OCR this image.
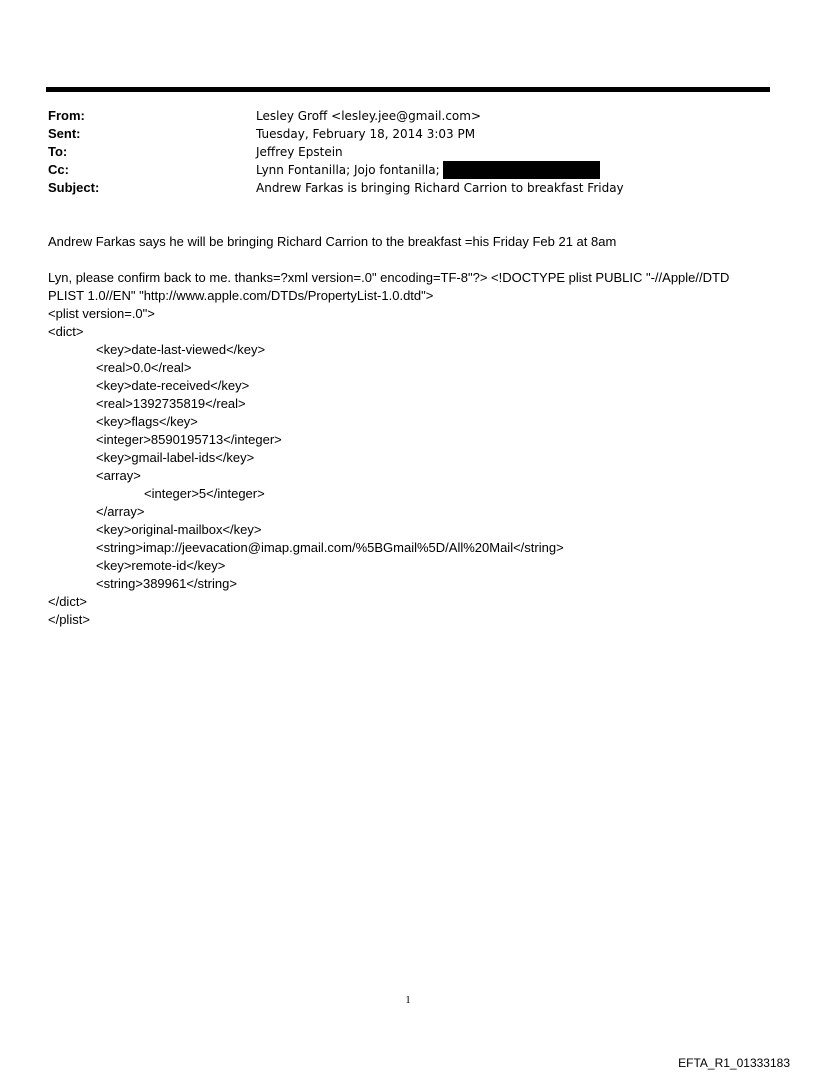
From:	Lesley Groff <lesley.jee@gmail.com>
Sent:	Tuesday, February 18, 2014 3:03 PM
To:	Jeffrey Epstein
Cc:	Lynn Fontanilla; Jojo fontanilla;
Subject:	Andrew Farkas is bringing Richard Carrion to breakfast Friday

Andrew Farkas says he will be bringing Richard Carrion to the breakfast =his Friday Feb 21 at 8am

Lyn, please confirm back to me. thanks=?xml version=.0" encoding=TF-8"?> <!DOCTYPE plist PUBLIC "-//Apple//DTD
PLIST 1.0//EN" "http://www.apple.com/DTDs/PropertyList-1.0.dtd">
<plist version=.0">
<dict>
<key>date-last-viewed</key>
<real>0.0</real>
<key>date-received</key>
<real>1392735819</real>
<key>flags</key>
<integer>8590195713</integer>
<key>gmail-label-ids</key>
<array>
<integer>5</integer>
</array>
<key>original-mailbox</key>
<string>imap://jeevacation@imap.gmail.com/%5BGmail%5D/All%20Mail</string>
<key>remote-id</key>
<string>389961</string>
</dict>
</plist>
1
EFTA_R1_01333183
